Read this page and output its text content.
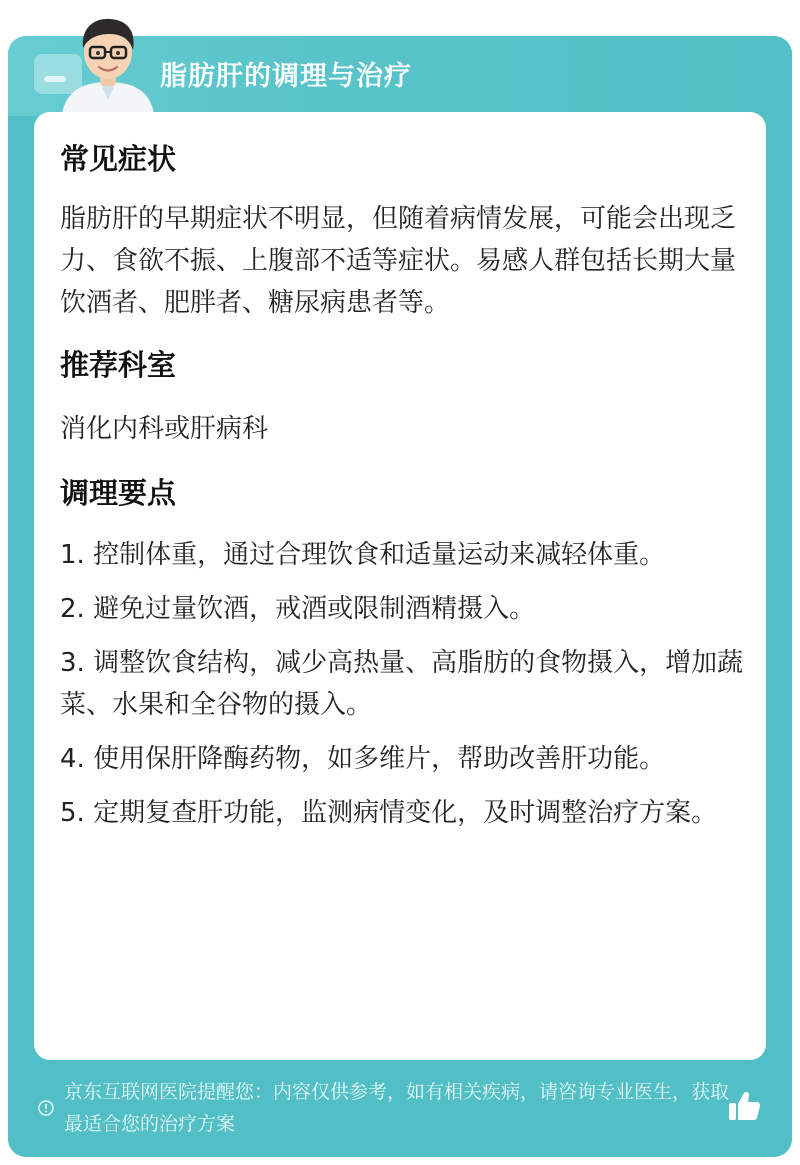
脂肪肝的调理与治疗
常见症状

脂肪肝的早期症状不明显，但随着病情发展，可能会出现乏力、食欲不振、上腹部不适等症状。易感人群包括长期大量饮酒者、肥胖者、糖尿病患者等。

推荐科室

消化内科或肝病科

调理要点

1. 控制体重，通过合理饮食和适量运动来减轻体重。

2. 避免过量饮酒，戒酒或限制酒精摄入。

3. 调整饮食结构，减少高热量、高脂肪的食物摄入，增加蔬菜、水果和全谷物的摄入。

4. 使用保肝降酶药物，如多维片，帮助改善肝功能。

5. 定期复查肝功能，监测病情变化，及时调整治疗方案。

京东互联网医院提醒您：内容仅供参考，如有相关疾病，请咨询专业医生，获取最适合您的治疗方案
